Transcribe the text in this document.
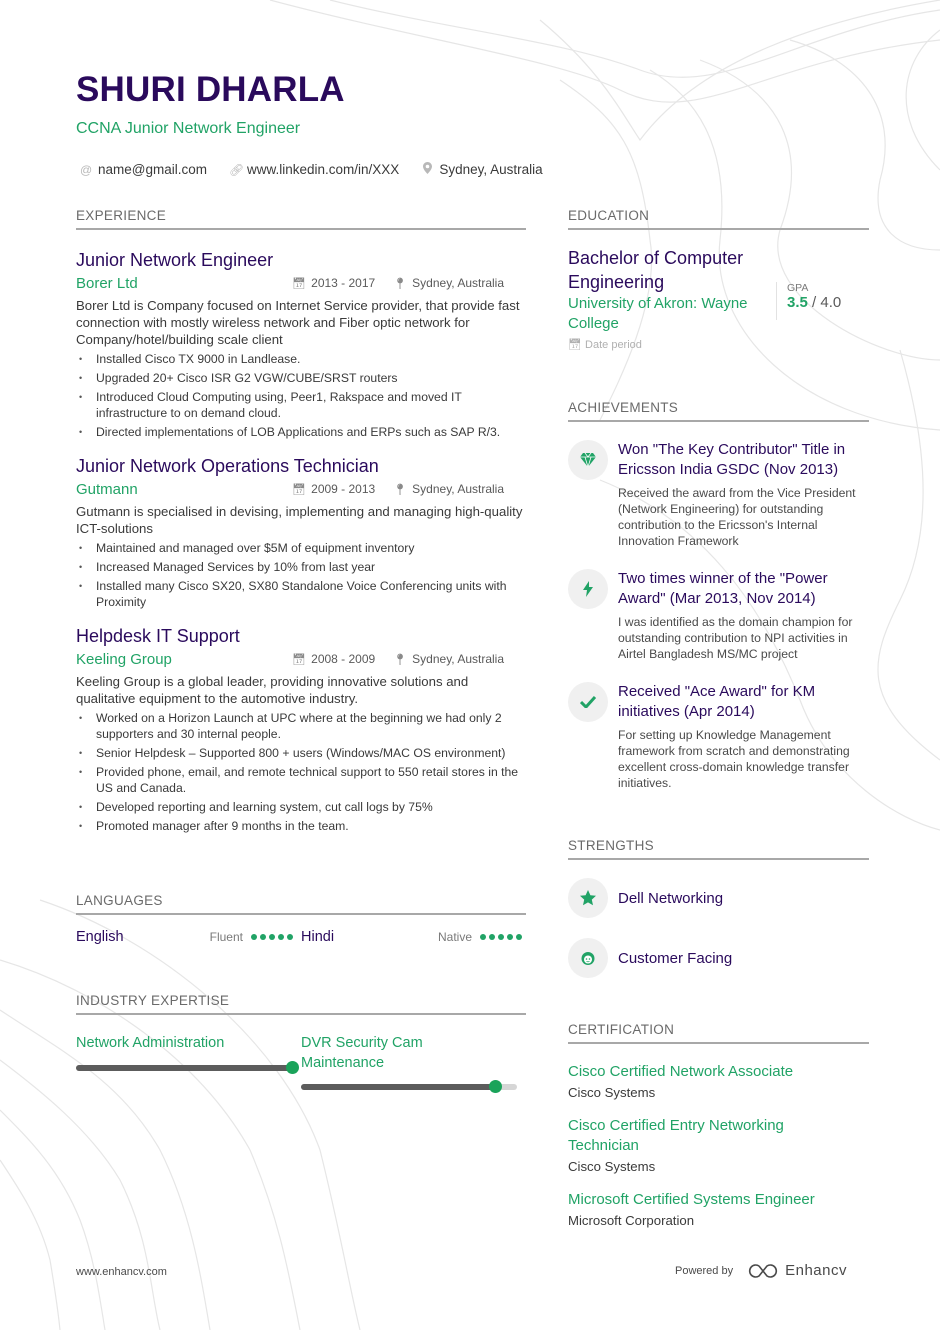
SHURI DHARLA
CCNA Junior Network Engineer
@ name@gmail.com 🔗︎ www.linkedin.com/in/XXX	Sydney, Australia
EXPERIENCE
Junior Network Engineer
Borer Ltd	📅︎ 2013 - 2017 📍︎ Sydney, Australia
Borer Ltd is Company focused on Internet Service provider, that provide fast connection with mostly wireless network and Fiber optic network for Company/hotel/building scale client
• Installed Cisco TX 9000 in Landlease.
• Upgraded 20+ Cisco ISR G2 VGW/CUBE/SRST routers
• Introduced Cloud Computing using, Peer1, Rakspace and moved IT infrastructure to on demand cloud.
• Directed implementations of LOB Applications and ERPs such as SAP R/3.
Junior Network Operations Technician
Gutmann	📅︎ 2009 - 2013 📍︎ Sydney, Australia
Gutmann is specialised in devising, implementing and managing high-quality ICT-solutions
• Maintained and managed over $5M of equipment inventory
• Increased Managed Services by 10% from last year
• Installed many Cisco SX20, SX80 Standalone Voice Conferencing units with Proximity
Helpdesk IT Support
Keeling Group	📅︎ 2008 - 2009 📍︎ Sydney, Australia
Keeling Group is a global leader, providing innovative solutions and qualitative equipment to the automotive industry.
• Worked on a Horizon Launch at UPC where at the beginning we had only 2 supporters and 30 internal people.
• Senior Helpdesk – Supported 800 + users (Windows/MAC OS environment)
• Provided phone, email, and remote technical support to 550 retail stores in the US and Canada.
• Developed reporting and learning system, cut call logs by 75%
• Promoted manager after 9 months in the team.
LANGUAGES
English	Fluent	Hindi	Native
INDUSTRY EXPERTISE
Network Administration	DVR Security Cam Maintenance
EDUCATION
Bachelor of Computer Engineering
University of Akron: Wayne College
📅︎ Date period
GPA
3.5 / 4.0
ACHIEVEMENTS
Won "The Key Contributor" Title in Ericsson India GSDC (Nov 2013)
Received the award from the Vice President (Network Engineering) for outstanding contribution to the Ericsson's Internal Innovation Framework
Two times winner of the "Power Award" (Mar 2013, Nov 2014)
I was identified as the domain champion for outstanding contribution to NPI activities in Airtel Bangladesh MS/MC project
Received "Ace Award" for KM initiatives (Apr 2014)
For setting up Knowledge Management framework from scratch and demonstrating excellent cross-domain knowledge transfer initiatives.
STRENGTHS
Dell Networking
Customer Facing
CERTIFICATION
Cisco Certified Network Associate
Cisco Systems
Cisco Certified Entry Networking Technician
Cisco Systems
Microsoft Certified Systems Engineer
Microsoft Corporation
www.enhancv.com	Powered by	Enhancv
